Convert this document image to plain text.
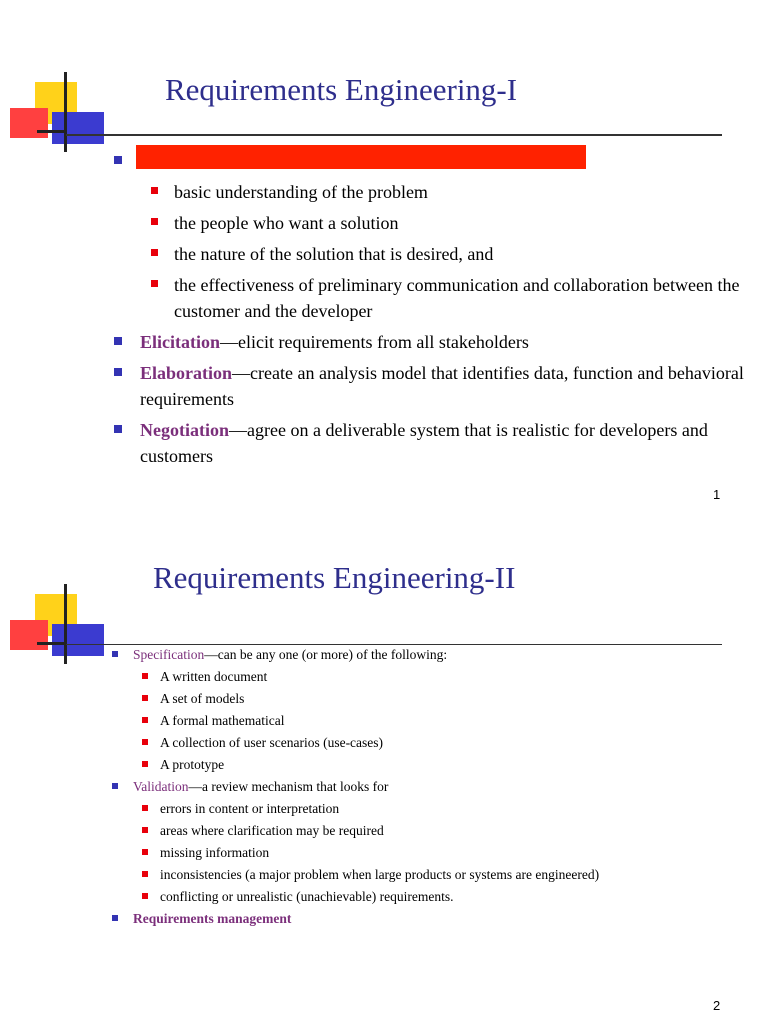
Requirements Engineering-I

basic understanding of the problem
the people who want a solution
the nature of the solution that is desired, and
the effectiveness of preliminary communication and collaboration between the customer and the developer
Elicitation—elicit requirements from all stakeholders
Elaboration—create an analysis model that identifies data, function and behavioral requirements
Negotiation—agree on a deliverable system that is realistic for developers and customers
1
Requirements Engineering-II
Specification—can be any one (or more) of the following:
A written document
A set of models
A formal mathematical
A collection of user scenarios (use-cases)
A prototype
Validation—a review mechanism that looks for
errors in content or interpretation
areas where clarification may be required
missing information
inconsistencies (a major problem when large products or systems are engineered)
conflicting or unrealistic (unachievable) requirements.
Requirements management
2
